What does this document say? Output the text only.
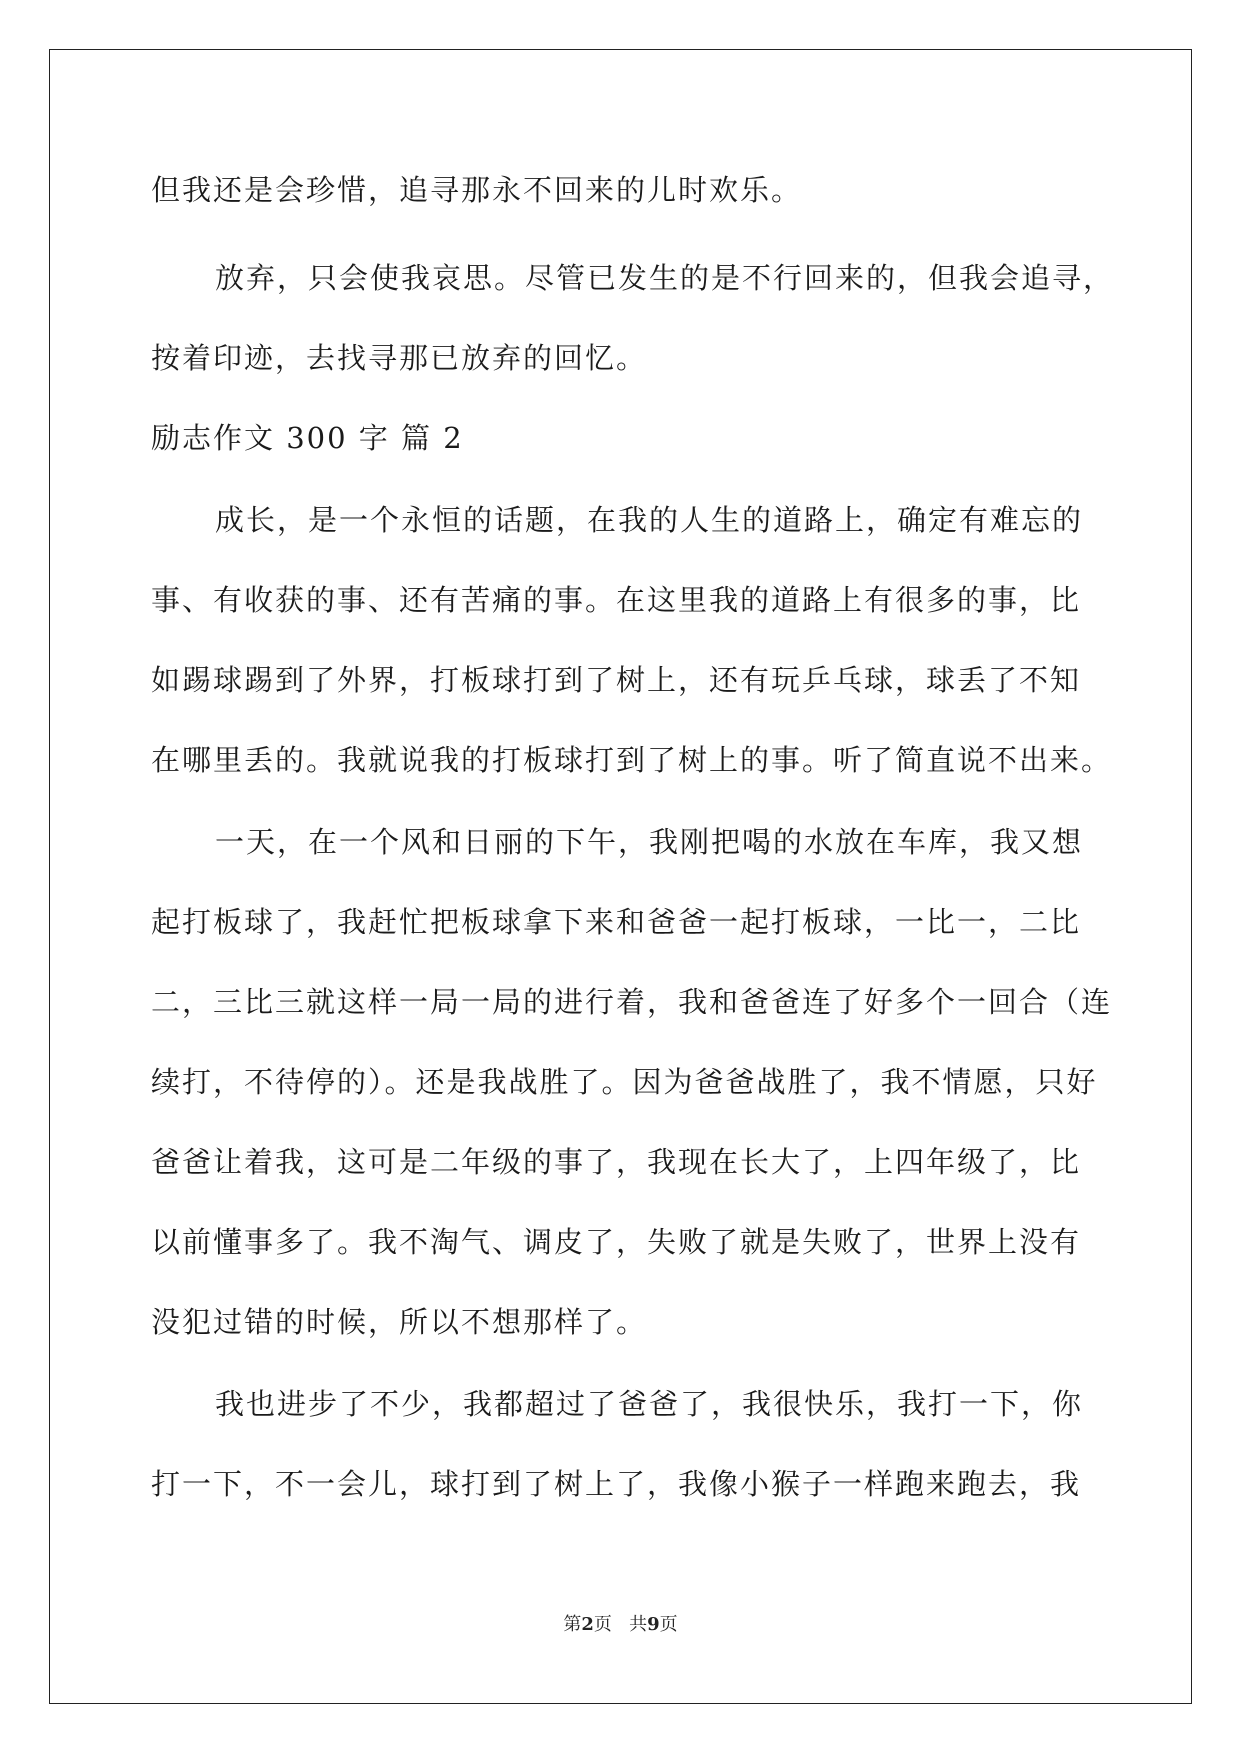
但我还是会珍惜，追寻那永不回来的儿时欢乐。
放弃，只会使我哀思。尽管已发生的是不行回来的，但我会追寻，
按着印迹，去找寻那已放弃的回忆。
励志作文 300 字 篇 2
成长，是一个永恒的话题，在我的人生的道路上，确定有难忘的
事、有收获的事、还有苦痛的事。在这里我的道路上有很多的事，比
如踢球踢到了外界，打板球打到了树上，还有玩乒乓球，球丢了不知
在哪里丢的。我就说我的打板球打到了树上的事。听了简直说不出来。
一天，在一个风和日丽的下午，我刚把喝的水放在车库，我又想
起打板球了，我赶忙把板球拿下来和爸爸一起打板球，一比一，二比
二，三比三就这样一局一局的进行着，我和爸爸连了好多个一回合（连
续打，不待停的）。还是我战胜了。因为爸爸战胜了，我不情愿，只好
爸爸让着我，这可是二年级的事了，我现在长大了，上四年级了，比
以前懂事多了。我不淘气、调皮了，失败了就是失败了，世界上没有
没犯过错的时候，所以不想那样了。
我也进步了不少，我都超过了爸爸了，我很快乐，我打一下，你
打一下，不一会儿，球打到了树上了，我像小猴子一样跑来跑去，我
第2页 共9页
